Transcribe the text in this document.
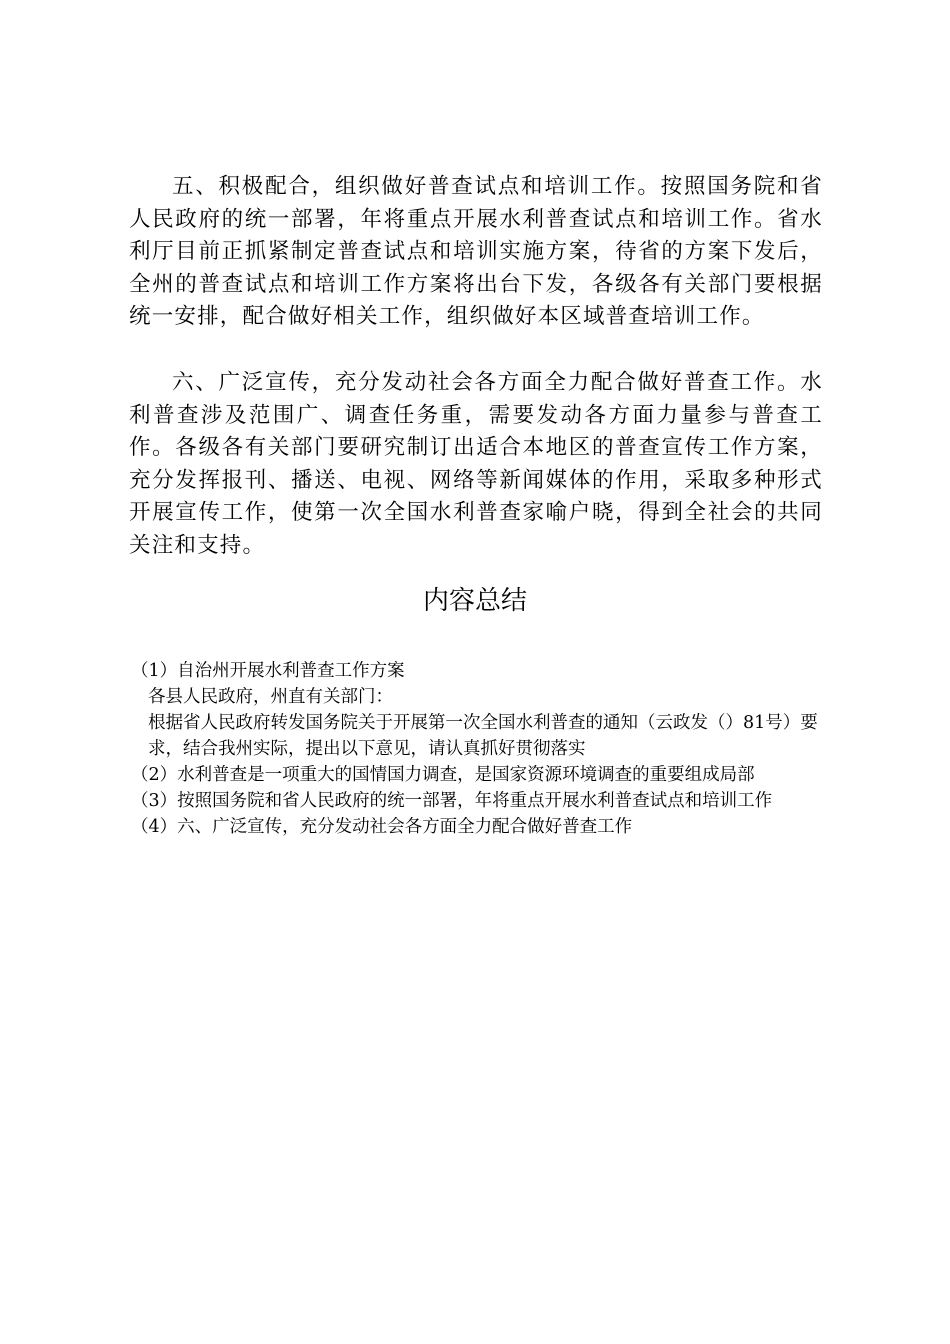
五、积极配合，组织做好普查试点和培训工作。按照国务院和省人民政府的统一部署，年将重点开展水利普查试点和培训工作。省水利厅目前正抓紧制定普查试点和培训实施方案，待省的方案下发后，全州的普查试点和培训工作方案将出台下发，各级各有关部门要根据统一安排，配合做好相关工作，组织做好本区域普查培训工作。

六、广泛宣传，充分发动社会各方面全力配合做好普查工作。水利普查涉及范围广、调查任务重，需要发动各方面力量参与普查工作。各级各有关部门要研究制订出适合本地区的普查宣传工作方案，充分发挥报刊、播送、电视、网络等新闻媒体的作用，采取多种形式开展宣传工作，使第一次全国水利普查家喻户晓，得到全社会的共同关注和支持。

内容总结

（1）自治州开展水利普查工作方案

各县人民政府，州直有关部门：

根据省人民政府转发国务院关于开展第一次全国水利普查的通知（云政发（）81号）要求，结合我州实际，提出以下意见，请认真抓好贯彻落实

（2）水利普查是一项重大的国情国力调查，是国家资源环境调查的重要组成局部

（3）按照国务院和省人民政府的统一部署，年将重点开展水利普查试点和培训工作

（4）六、广泛宣传，充分发动社会各方面全力配合做好普查工作
